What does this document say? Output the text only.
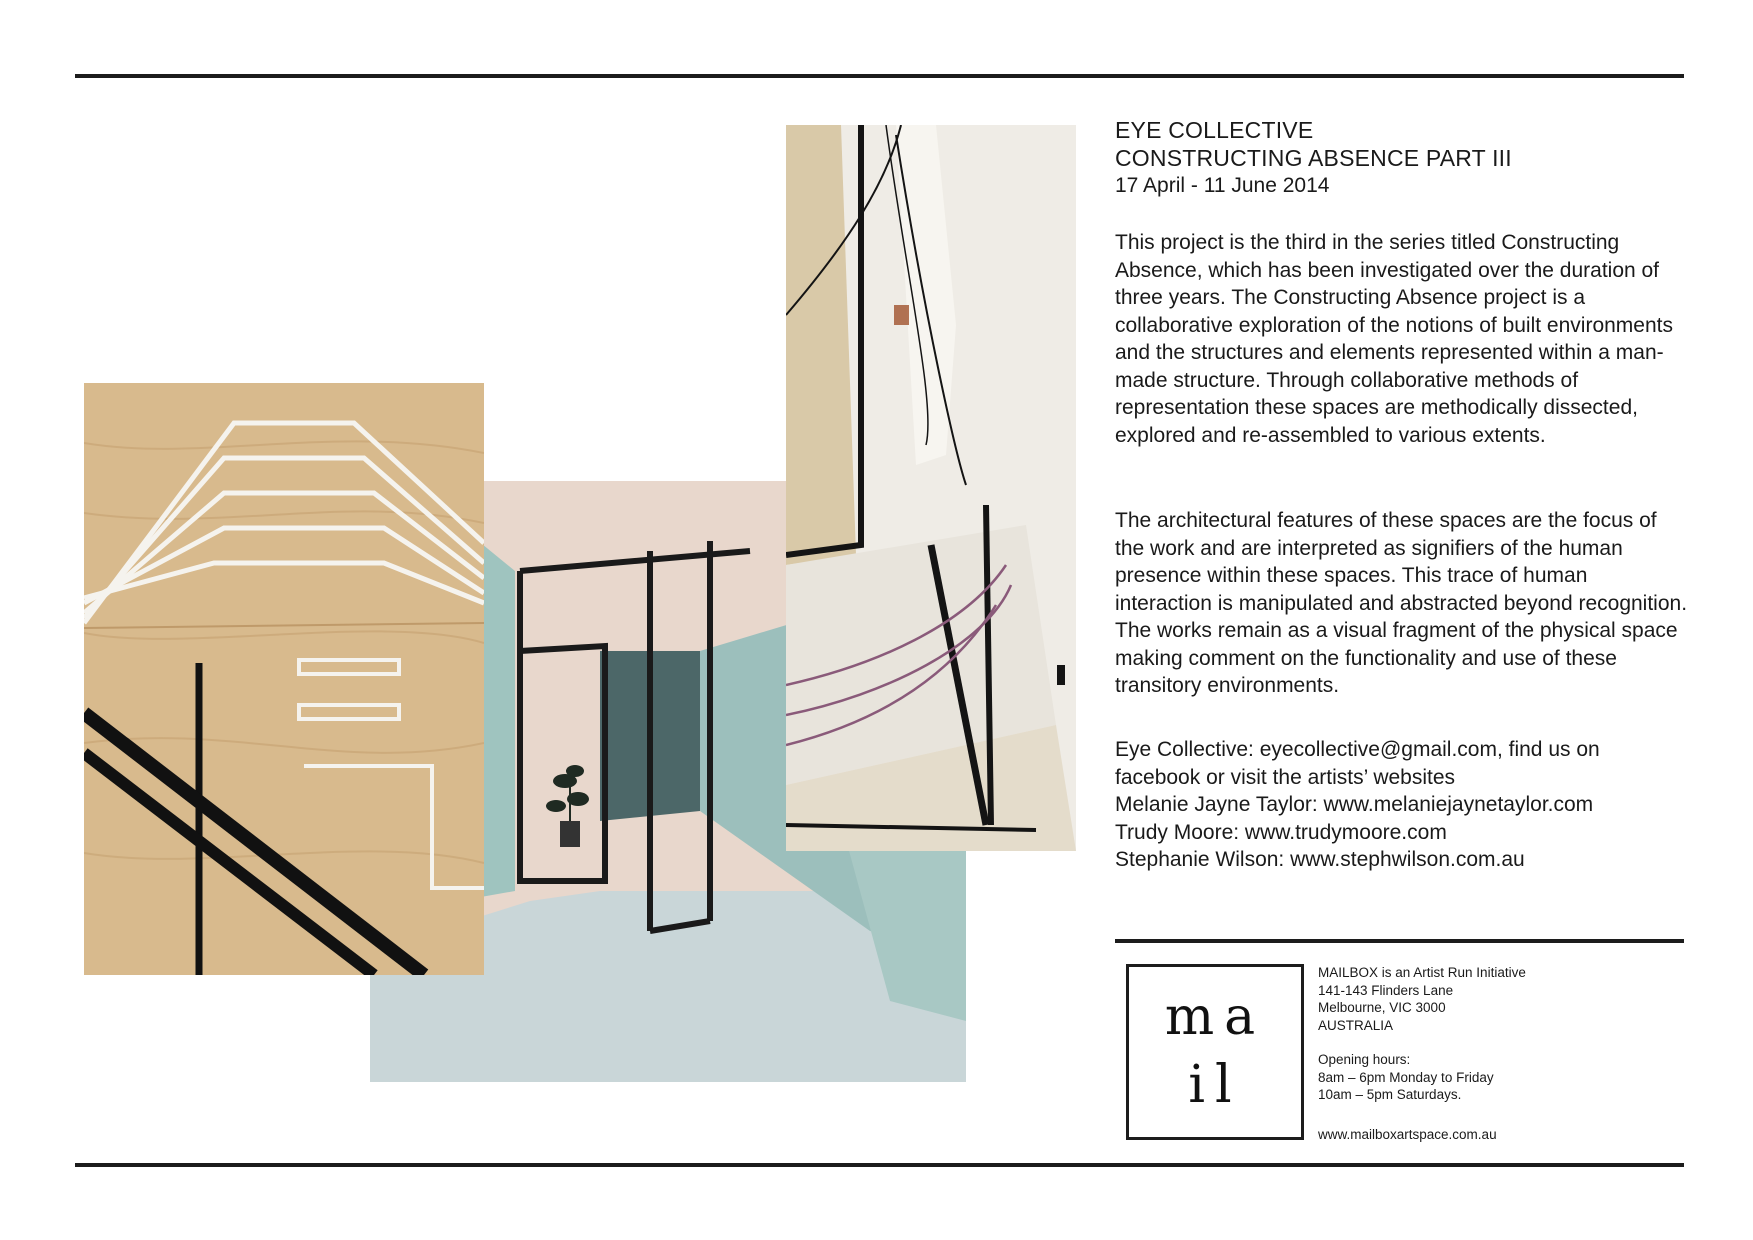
EYE COLLECTIVE
CONSTRUCTING ABSENCE PART III

17 April - 11 June 2014

This project is the third in the series titled Constructing Absence, which has been investigated over the duration of three years. The Constructing Absence project is a collaborative exploration of the notions of built environments and the structures and elements represented within a man-made structure. Through collaborative methods of representation these spaces are methodically dissected, explored and re-assembled to various extents.

The architectural features of these spaces are the focus of the work and are interpreted as signifiers of the human presence within these spaces. This trace of human interaction is manipulated and abstracted beyond recognition. The works remain as a visual fragment of the physical space making comment on the functionality and use of these transitory environments.

Eye Collective: eyecollective@gmail.com, find us on
facebook or visit the artists’ websites
Melanie Jayne Taylor: www.melaniejaynetaylor.com
Trudy Moore: www.trudymoore.com
Stephanie Wilson: www.stephwilson.com.au
ma
il
MAILBOX is an Artist Run Initiative
141-143 Flinders Lane
Melbourne, VIC 3000
AUSTRALIA
Opening hours:
8am – 6pm Monday to Friday
10am – 5pm Saturdays.
www.mailboxartspace.com.au
